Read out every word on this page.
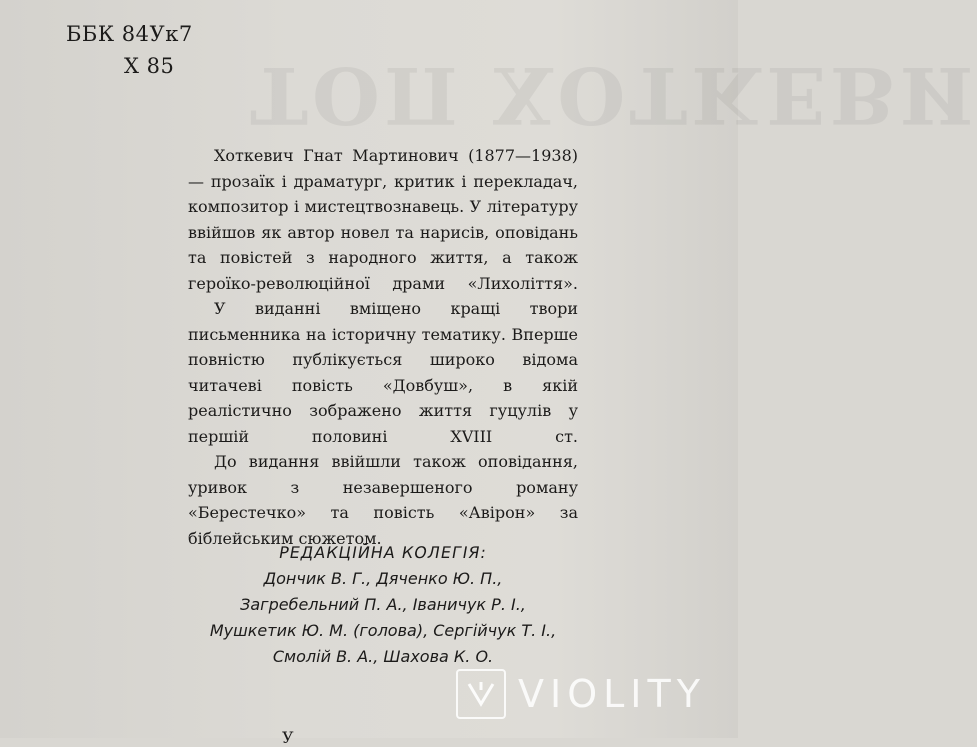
ТОП ХОТКЕВИ
ББК 84Ук7
Х 85

Хоткевич Гнат Мартинович (1877—1938) — прозаїк і драматург, критик і перекладач, композитор і мистецтвознавець. У літературу ввійшов як автор новел та нарисів, оповідань та повістей з народного життя, а також героїко-революційної драми «Лихоліття».

У виданні вміщено кращі твори письменника на історичну тематику. Вперше повністю публікується широко відома читачеві повість «Довбуш», в якій реалістично зображено життя гуцулів у першій половині XVIII ст.

До видання ввійшли також оповідання, уривок з незавершеного роману «Берестечко» та повість «Авірон» за біблейським сюжетом.

РЕДАКЦІЙНА КОЛЕГІЯ:
Дончик В. Г., Дяченко Ю. П.,
Загребельний П. А., Іваничук Р. І.,
Мушкетик Ю. М. (голова), Сергійчук Т. І.,
Смолій В. А., Шахова К. О.
У
VIOLITY
